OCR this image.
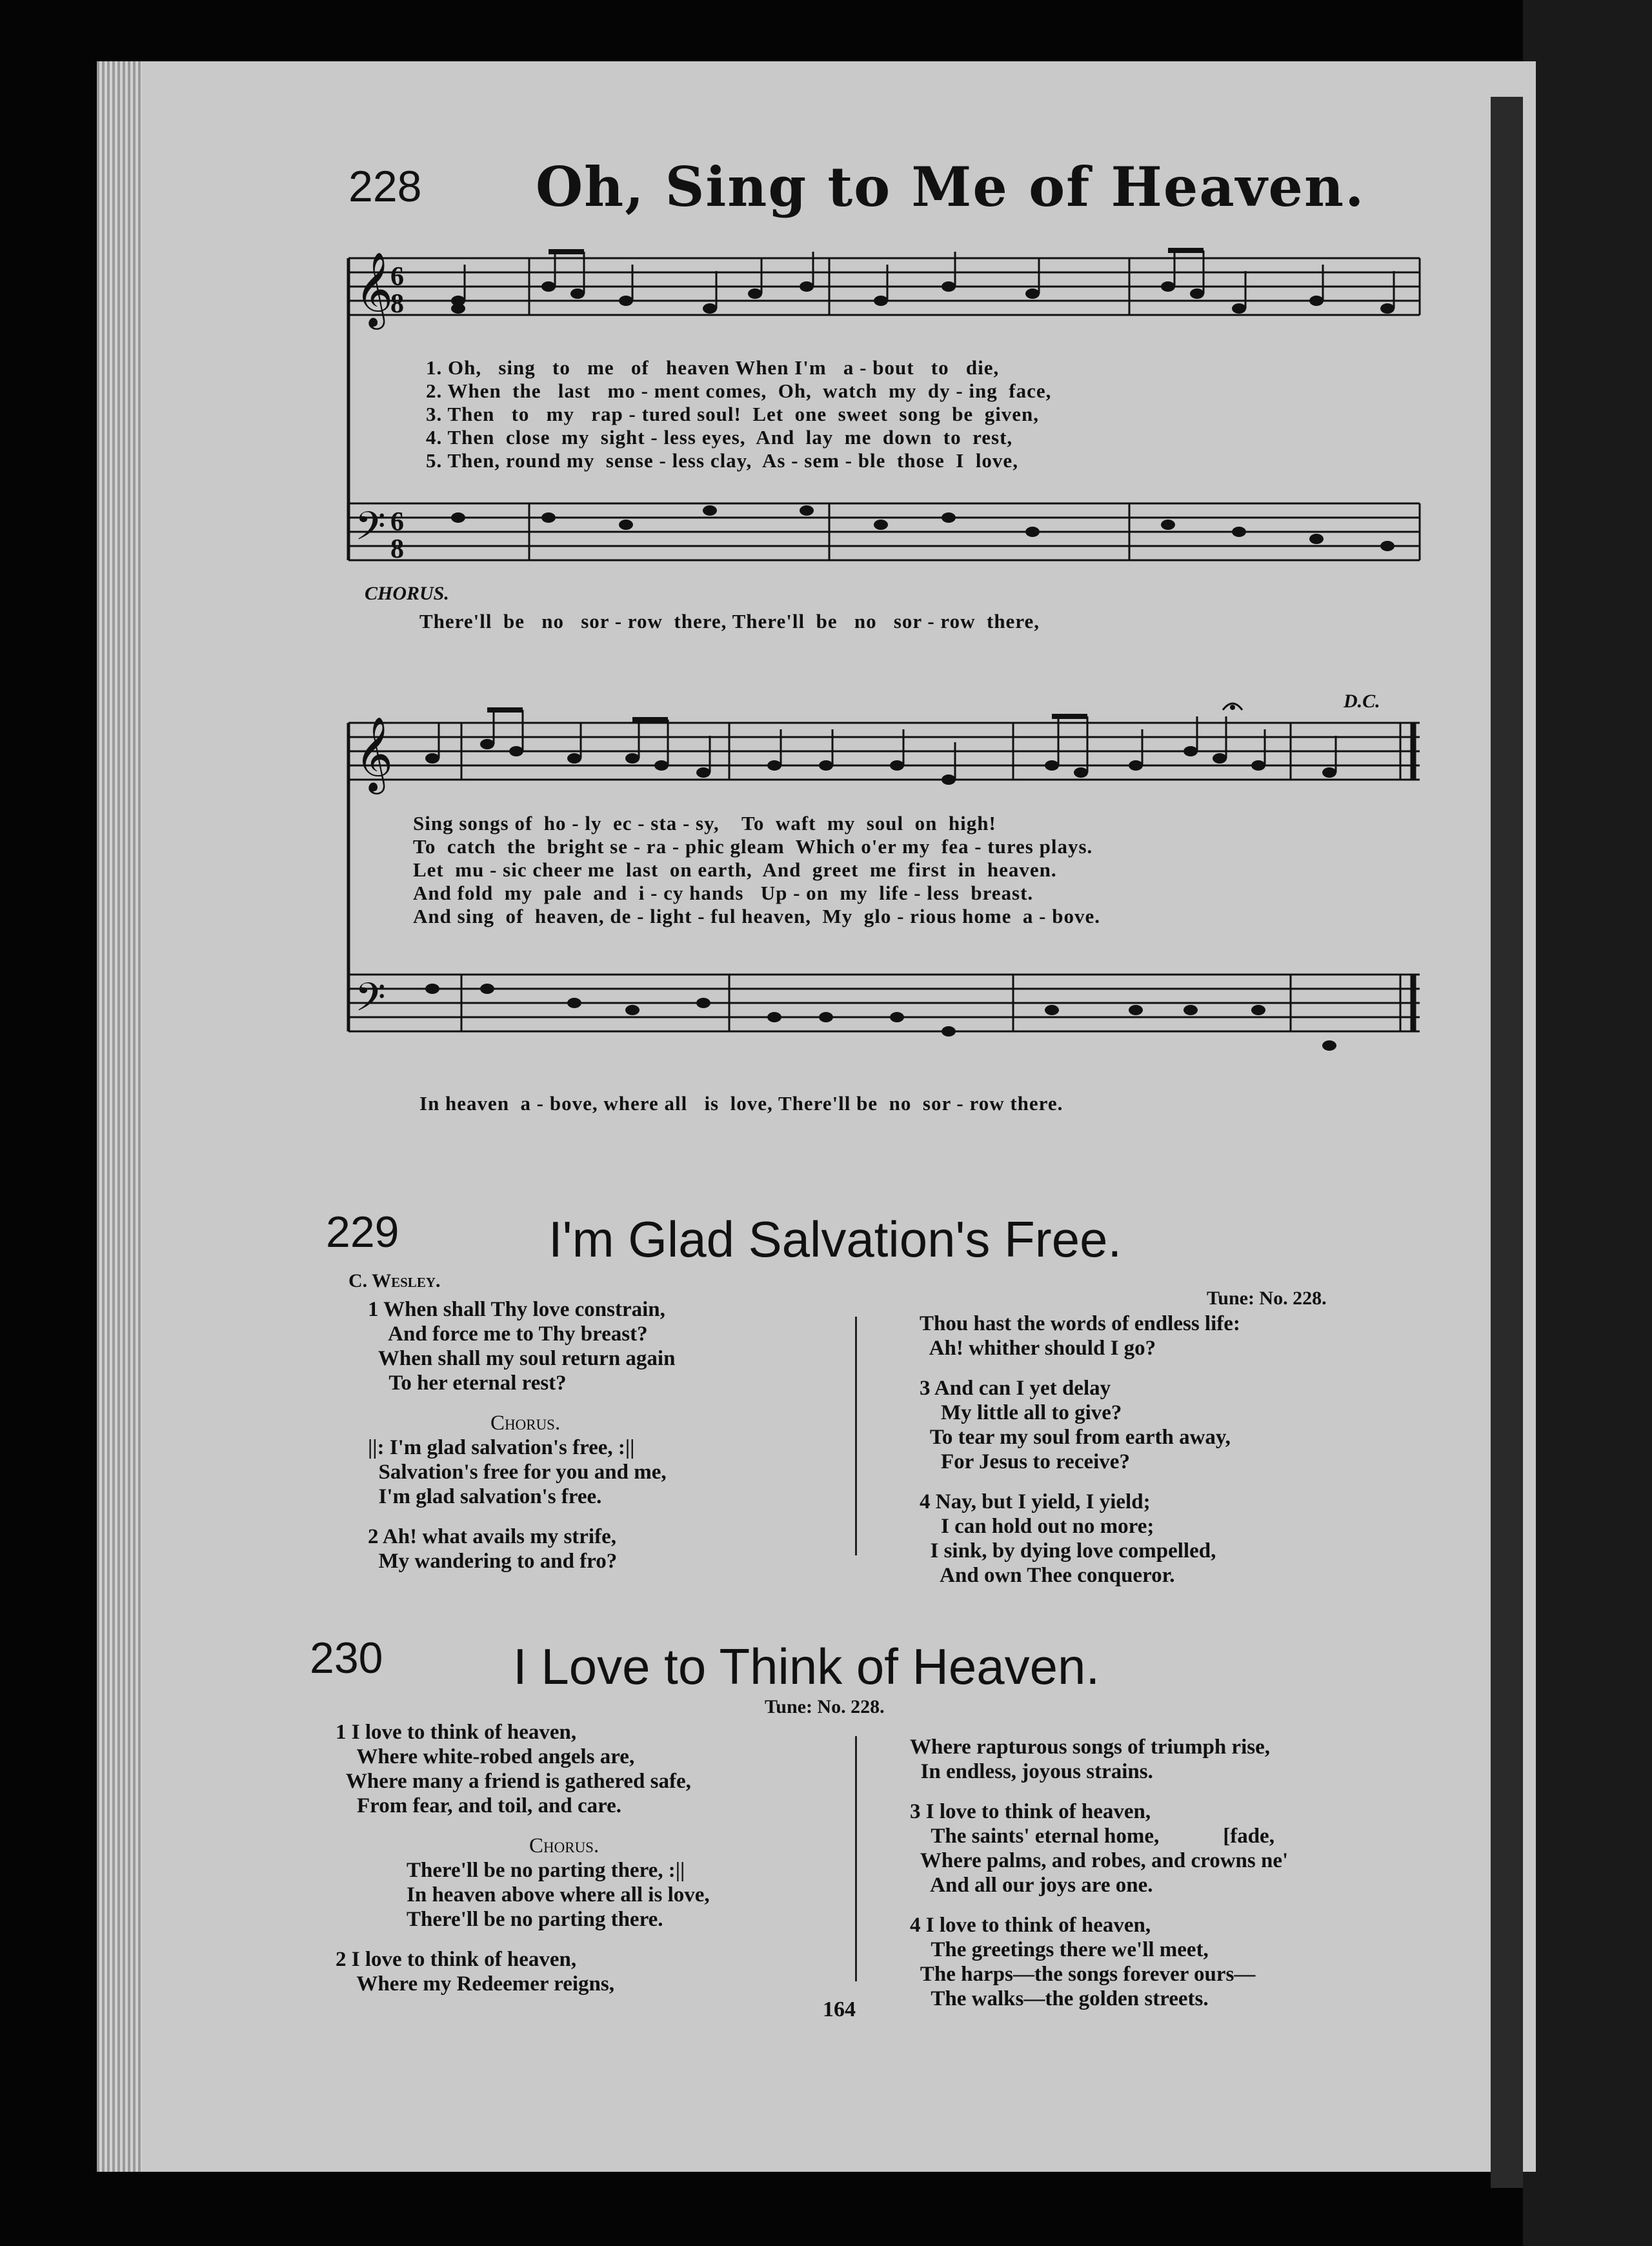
228 Oh, Sing to Me of Heaven.
𝄞
6
8
𝄢 6
8
1. Oh,   sing   to   me   of   heaven When I'm   a - bout   to   die,
2. When  the   last   mo - ment comes,  Oh,  watch  my  dy - ing  face,
3. Then   to   my   rap - tured soul!  Let  one  sweet  song  be  given,
4. Then  close  my  sight - less eyes,  And  lay  me  down  to  rest,
5. Then, round my  sense - less clay,  As - sem - ble  those  I  love,
CHORUS.
There'll  be   no   sor - row  there, There'll  be   no   sor - row  there,
𝄞
𝄢
D.C.
Sing songs of  ho - ly  ec - sta - sy,    To  waft  my  soul  on  high!
To  catch  the  bright se - ra - phic gleam  Which o'er my  fea - tures plays.
Let  mu - sic cheer me  last  on earth,  And  greet  me  first  in  heaven.
And fold  my  pale  and  i - cy hands   Up - on  my  life - less  breast.
And sing  of  heaven, de - light - ful heaven,  My  glo - rious home  a - bove.
In heaven  a - bove, where all   is  love, There'll be  no  sor - row there.
229	I'm Glad Salvation's Free.
C. Wesley.
Tune: No. 228.
1 When shall Thy love constrain,
And force me to Thy breast?
When shall my soul return again
To her eternal rest?
Chorus.
||: I'm glad salvation's free, :||
Salvation's free for you and me,
I'm glad salvation's free.
2 Ah! what avails my strife,
My wandering to and fro?
Thou hast the words of endless life:
Ah! whither should I go?
3 And can I yet delay
My little all to give?
To tear my soul from earth away,
For Jesus to receive?
4 Nay, but I yield, I yield;
I can hold out no more;
I sink, by dying love compelled,
And own Thee conqueror.
230	I Love to Think of Heaven.
Tune: No. 228.
1 I love to think of heaven,
Where white-robed angels are,
Where many a friend is gathered safe,
From fear, and toil, and care.
Chorus.
There'll be no parting there, :||
In heaven above where all is love,
There'll be no parting there.
2 I love to think of heaven,
Where my Redeemer reigns,
Where rapturous songs of triumph rise,
In endless, joyous strains.
3 I love to think of heaven,
The saints' eternal home,            [fade,
Where palms, and robes, and crowns ne'
And all our joys are one.
4 I love to think of heaven,
The greetings there we'll meet,
The harps—the songs forever ours—
The walks—the golden streets.
164
